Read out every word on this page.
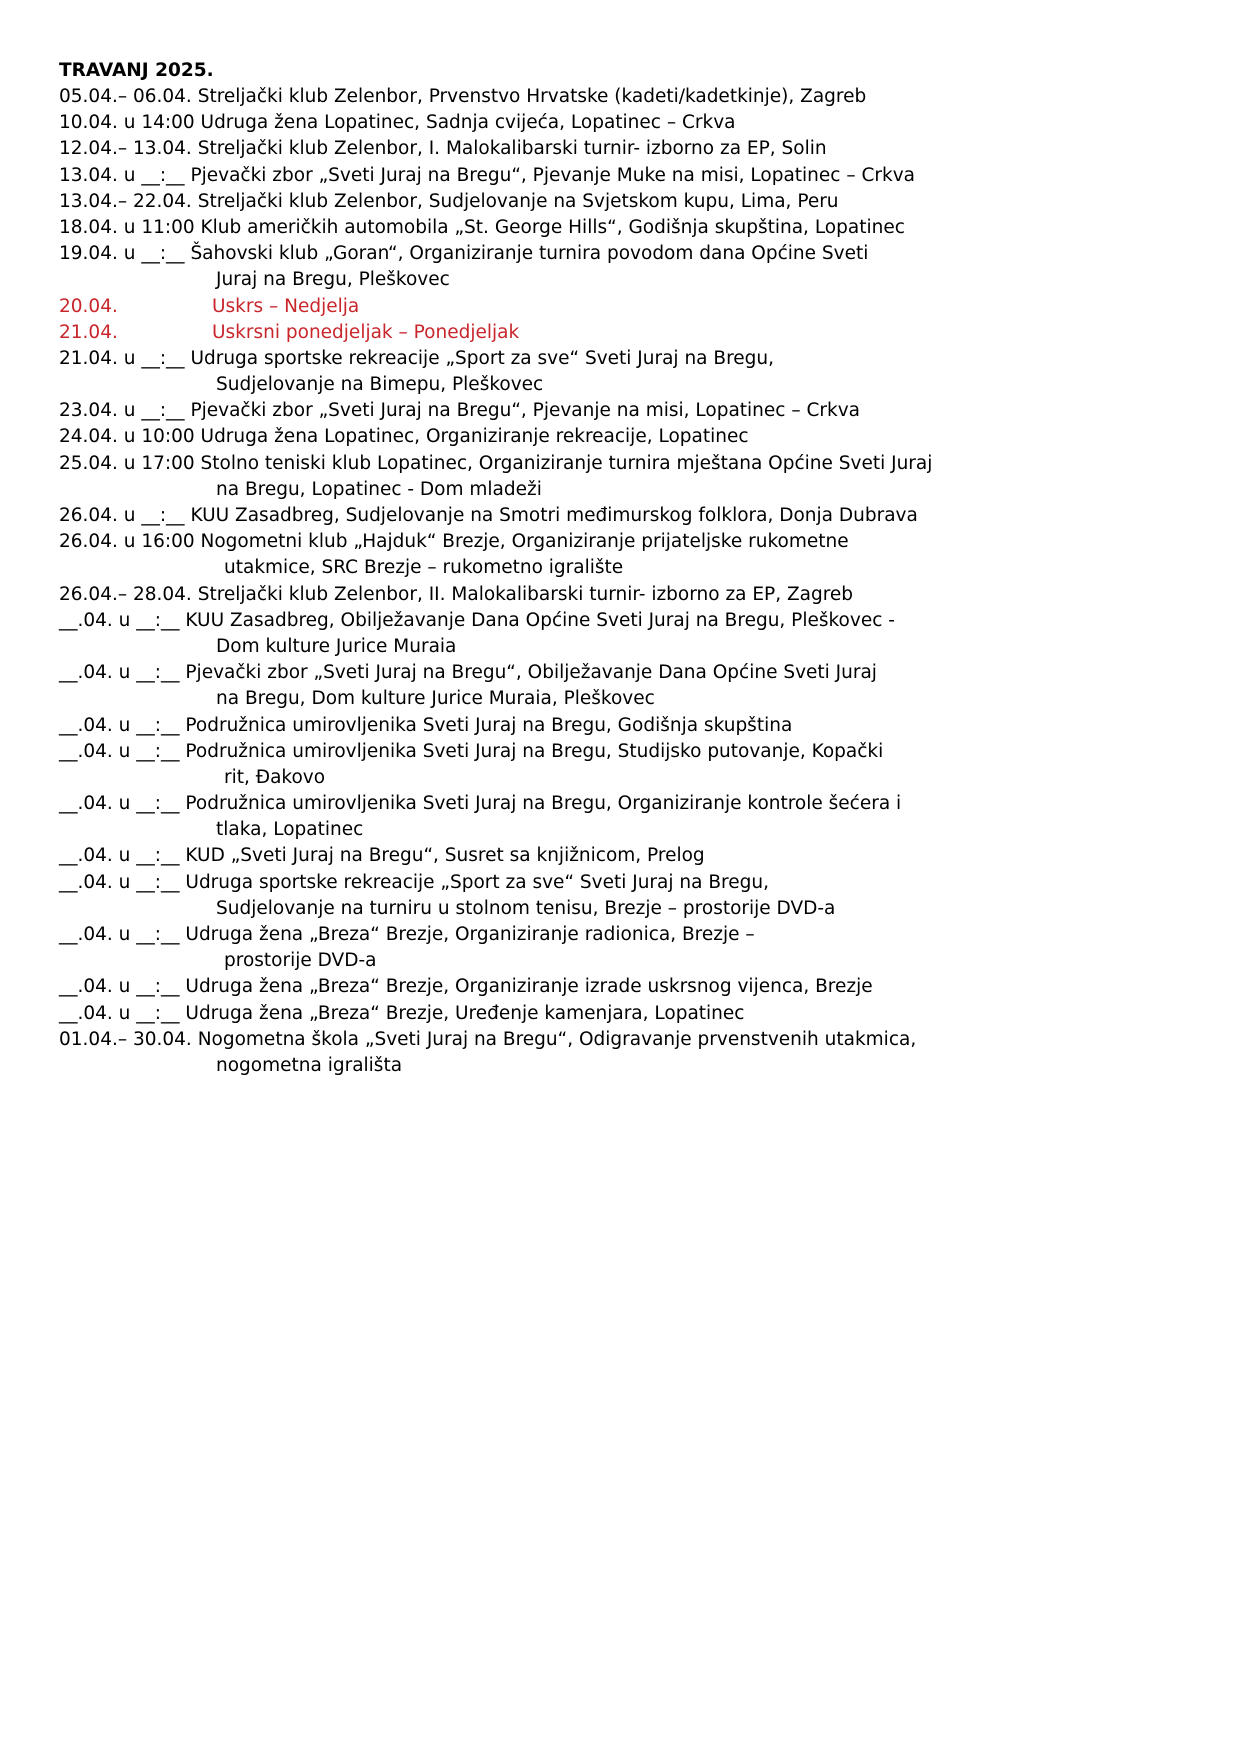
TRAVANJ 2025.
05.04.– 06.04. Streljački klub Zelenbor, Prvenstvo Hrvatske (kadeti/kadetkinje), Zagreb
10.04. u 14:00 Udruga žena Lopatinec, Sadnja cvijeća, Lopatinec – Crkva
12.04.– 13.04. Streljački klub Zelenbor, I. Malokalibarski turnir- izborno za EP, Solin
13.04. u __:__ Pjevački zbor „Sveti Juraj na Bregu“, Pjevanje Muke na misi, Lopatinec – Crkva
13.04.– 22.04. Streljački klub Zelenbor, Sudjelovanje na Svjetskom kupu, Lima, Peru
18.04. u 11:00 Klub američkih automobila „St. George Hills“, Godišnja skupština, Lopatinec
19.04. u __:__ Šahovski klub „Goran“, Organiziranje turnira povodom dana Općine Sveti
Juraj na Bregu, Pleškovec
20.04.	Uskrs – Nedjelja
21.04.	Uskrsni ponedjeljak – Ponedjeljak
21.04. u __:__ Udruga sportske rekreacije „Sport za sve“ Sveti Juraj na Bregu,
Sudjelovanje na Bimepu, Pleškovec
23.04. u __:__ Pjevački zbor „Sveti Juraj na Bregu“, Pjevanje na misi, Lopatinec – Crkva
24.04. u 10:00 Udruga žena Lopatinec, Organiziranje rekreacije, Lopatinec
25.04. u 17:00 Stolno teniski klub Lopatinec, Organiziranje turnira mještana Općine Sveti Juraj
na Bregu, Lopatinec - Dom mladeži
26.04. u __:__ KUU Zasadbreg, Sudjelovanje na Smotri međimurskog folklora, Donja Dubrava
26.04. u 16:00 Nogometni klub „Hajduk“ Brezje, Organiziranje prijateljske rukometne
utakmice, SRC Brezje – rukometno igralište
26.04.– 28.04. Streljački klub Zelenbor, II. Malokalibarski turnir- izborno za EP, Zagreb
__.04. u __:__ KUU Zasadbreg, Obilježavanje Dana Općine Sveti Juraj na Bregu, Pleškovec -
Dom kulture Jurice Muraia
__.04. u __:__ Pjevački zbor „Sveti Juraj na Bregu“, Obilježavanje Dana Općine Sveti Juraj
na Bregu, Dom kulture Jurice Muraia, Pleškovec
__.04. u __:__ Podružnica umirovljenika Sveti Juraj na Bregu, Godišnja skupština
__.04. u __:__ Podružnica umirovljenika Sveti Juraj na Bregu, Studijsko putovanje, Kopački
rit, Đakovo
__.04. u __:__ Podružnica umirovljenika Sveti Juraj na Bregu, Organiziranje kontrole šećera i
tlaka, Lopatinec
__.04. u __:__ KUD „Sveti Juraj na Bregu“, Susret sa knjižnicom, Prelog
__.04. u __:__ Udruga sportske rekreacije „Sport za sve“ Sveti Juraj na Bregu,
Sudjelovanje na turniru u stolnom tenisu, Brezje – prostorije DVD-a
__.04. u __:__ Udruga žena „Breza“ Brezje, Organiziranje radionica, Brezje –
prostorije DVD-a
__.04. u __:__ Udruga žena „Breza“ Brezje, Organiziranje izrade uskrsnog vijenca, Brezje
__.04. u __:__ Udruga žena „Breza“ Brezje, Uređenje kamenjara, Lopatinec
01.04.– 30.04. Nogometna škola „Sveti Juraj na Bregu“, Odigravanje prvenstvenih utakmica,
nogometna igrališta
